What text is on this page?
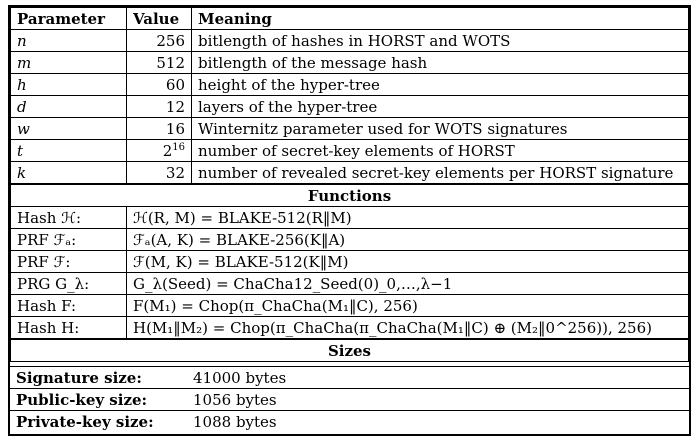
Parameter	Value	Meaning
n	256	bitlength of hashes in HORST and WOTS
m	512	bitlength of the message hash
h	60	height of the hyper-tree
d	12	layers of the hyper-tree
w	16	Winternitz parameter used for WOTS signatures
t	$2^{16}$	number of secret-key elements of HORST
k	32	number of revealed secret-key elements per HORST signature
Functions		
Hash ℋ:	ℋ(R, M) = BLAKE-512(R‖M)	
PRF ℱₐ:	ℱₐ(A, K) = BLAKE-256(K‖A)	
PRF ℱ:	ℱ(M, K) = BLAKE-512(K‖M)	
PRG G_λ:	G_λ(Seed) = ChaCha12_Seed(0)_0,…,λ−1	
Hash F:	F(M₁) = Chop(π_ChaCha(M₁‖C), 256)	
Hash H:	H(M₁‖M₂) = Chop(π_ChaCha(π_ChaCha(M₁‖C) ⊕ (M₂‖0^256)), 256)	
Sizes		
Signature size:	41000 bytes
Public-key size:	1056 bytes
Private-key size:	1088 bytes
